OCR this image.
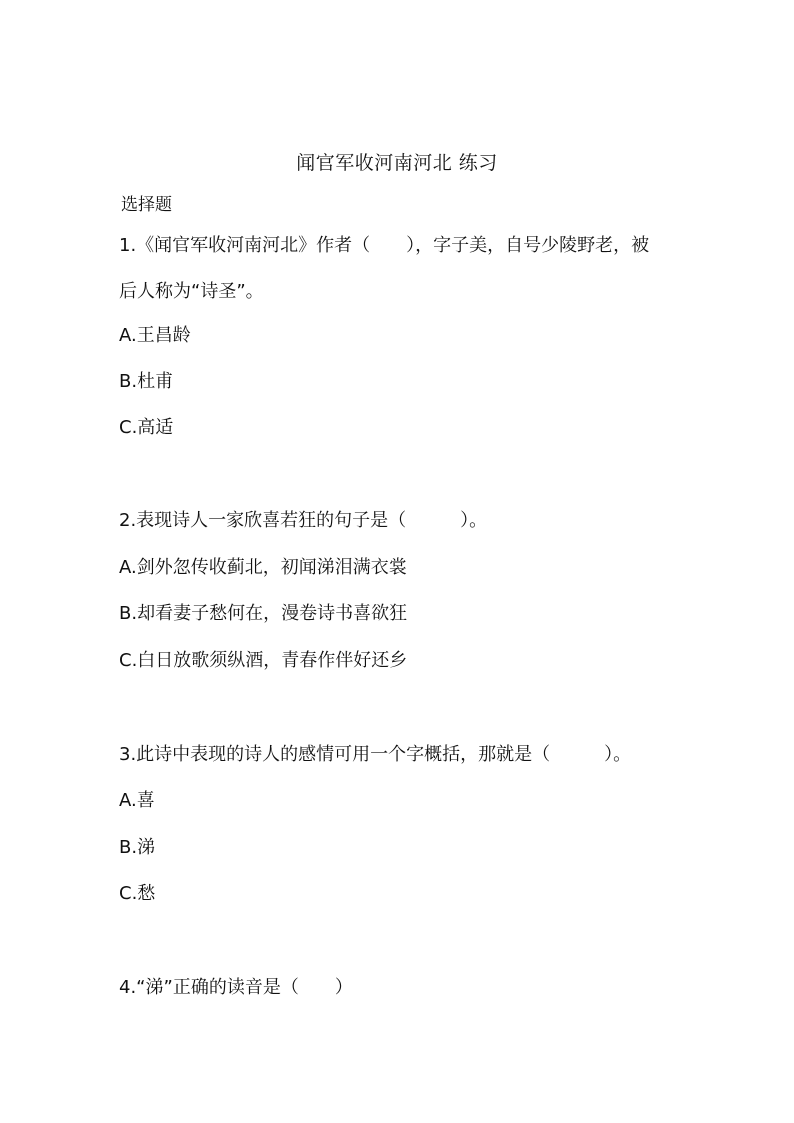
闻官军收河南河北 练习
选择题
1.《闻官军收河南河北》作者（　　），字子美，自号少陵野老，被
后人称为“诗圣”。
A.王昌龄
B.杜甫
C.高适
2.表现诗人一家欣喜若狂的句子是（　　　）。
A.剑外忽传收蓟北，初闻涕泪满衣裳
B.却看妻子愁何在，漫卷诗书喜欲狂
C.白日放歌须纵酒，青春作伴好还乡
3.此诗中表现的诗人的感情可用一个字概括，那就是（　　　）。
A.喜
B.涕
C.愁
4.“涕”正确的读音是（　　）
